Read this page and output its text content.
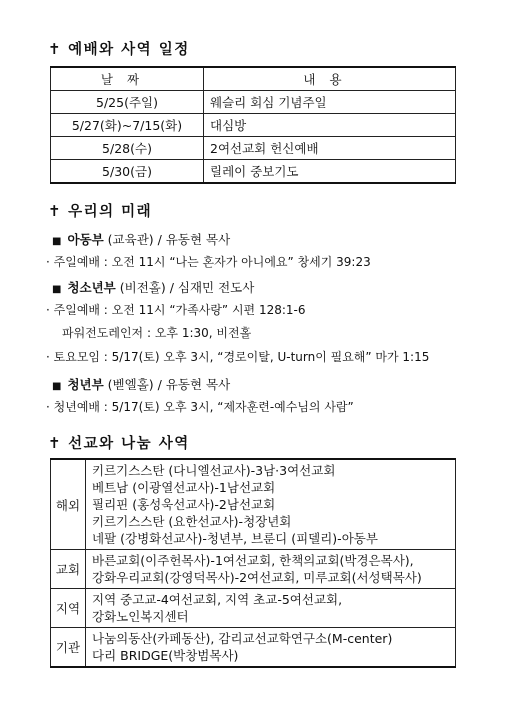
✝ 예배와 사역 일정
날짜	내용
5/25(주일)	웨슬리 회심 기념주일
5/27(화)~7/15(화)	대심방
5/28(수)	2여선교회 헌신예배
5/30(금)	릴레이 중보기도
✝ 우리의 미래
■ 아동부 (교육관) / 유동현 목사
· 주일예배 : 오전 11시 “나는 혼자가 아니에요” 창세기 39:23
■ 청소년부 (비전홀) / 심재민 전도사
· 주일예배 : 오전 11시 “가족사랑” 시편 128:1-6
파워전도레인저 : 오후 1:30, 비전홀
· 토요모임 : 5/17(토) 오후 3시, “경로이탈, U-turn이 필요해” 마가 1:15
■ 청년부 (벧엘홀) / 유동현 목사
· 청년예배 : 5/17(토) 오후 3시, “제자훈련-예수님의 사람”
✝ 선교와 나눔 사역
해외	키르기스스탄 (다니엘선교사)-3남·3여선교회
베트남 (이광열선교사)-1남선교회
필리핀 (홍성욱선교사)-2남선교회
키르기스스탄 (요한선교사)-청장년회
네팔 (강병화선교사)-청년부, 브룬디 (피델리)-아동부

교회	바른교회(이주헌목사)-1여선교회, 한책의교회(박경은목사),
강화우리교회(강영덕목사)-2여선교회, 미루교회(서성택목사)

지역	지역 중고교-4여선교회, 지역 초교-5여선교회,
강화노인복지센터

기관	나눔의동산(카페동산), 감리교선교학연구소(M-center)
다리 BRIDGE(박창범목사)
